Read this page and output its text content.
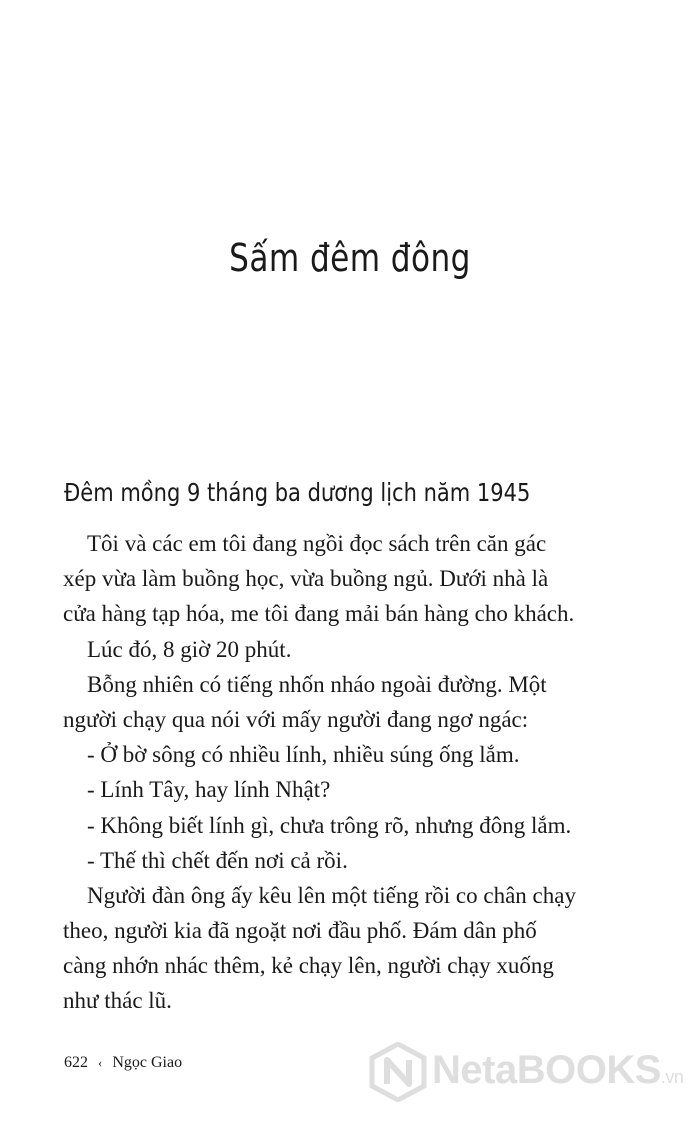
Sấm đêm đông
Đêm mồng 9 tháng ba dương lịch năm 1945
Tôi và các em tôi đang ngồi đọc sách trên căn gác
xép vừa làm buồng học, vừa buồng ngủ. Dưới nhà là
cửa hàng tạp hóa, me tôi đang mải bán hàng cho khách.
Lúc đó, 8 giờ 20 phút.
Bỗng nhiên có tiếng nhốn nháo ngoài đường. Một
người chạy qua nói với mấy người đang ngơ ngác:
- Ở bờ sông có nhiều lính, nhiều súng ống lắm.
- Lính Tây, hay lính Nhật?
- Không biết lính gì, chưa trông rõ, nhưng đông lắm.
- Thế thì chết đến nơi cả rồi.
Người đàn ông ấy kêu lên một tiếng rồi co chân chạy
theo, người kia đã ngoặt nơi đầu phố. Đám dân phố
càng nhớn nhác thêm, kẻ chạy lên, người chạy xuống
như thác lũ.
622 ‹ Ngọc Giao	NetaBOOKS.vn
